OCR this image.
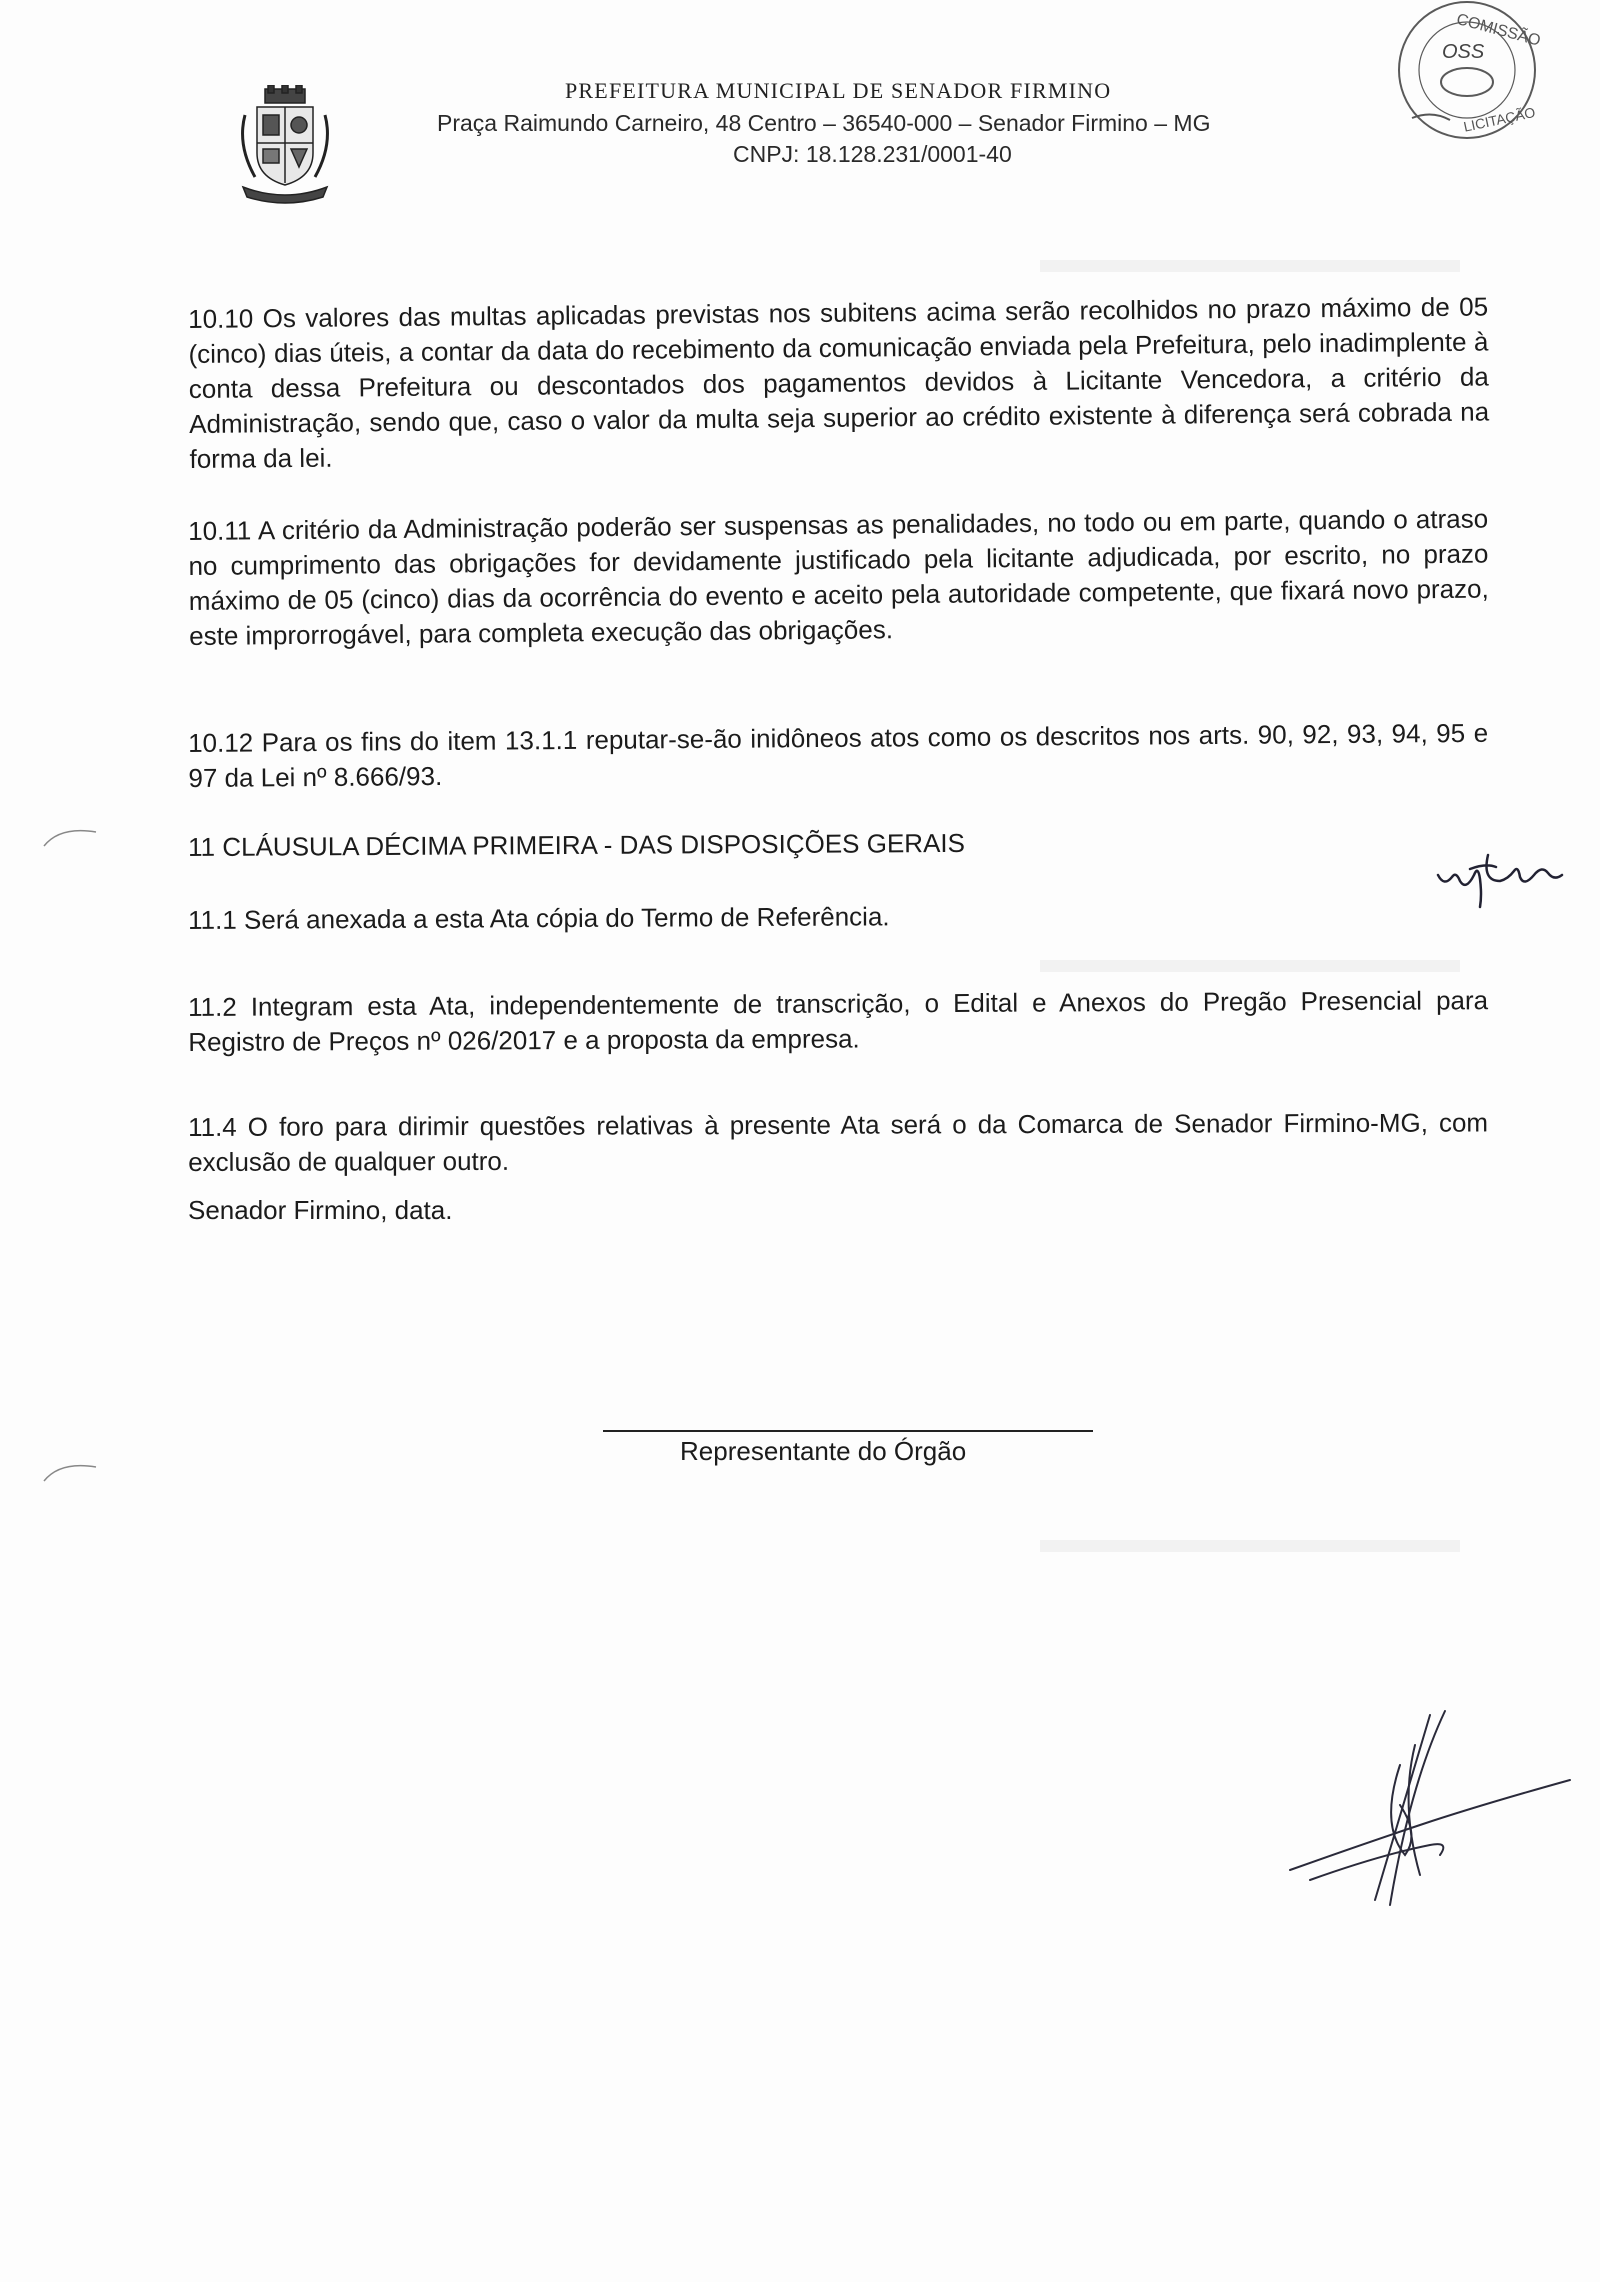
PREFEITURA MUNICIPAL DE SENADOR FIRMINO
Praça Raimundo Carneiro, 48 Centro – 36540-000 – Senador Firmino – MG
CNPJ: 18.128.231/0001-40
COMISSÃO
OSS
LICITAÇÃO
10.10 Os valores das multas aplicadas previstas nos subitens acima serão recolhidos no prazo máximo de 05 (cinco) dias úteis, a contar da data do recebimento da comunicação enviada pela Prefeitura, pelo inadimplente à conta dessa Prefeitura ou descontados dos pagamentos devidos à Licitante Vencedora, a critério da Administração, sendo que, caso o valor da multa seja superior ao crédito existente à diferença será cobrada na forma da lei.
10.11 A critério da Administração poderão ser suspensas as penalidades, no todo ou em parte, quando o atraso no cumprimento das obrigações for devidamente justificado pela licitante adjudicada, por escrito, no prazo máximo de 05 (cinco) dias da ocorrência do evento e aceito pela autoridade competente, que fixará novo prazo, este improrrogável, para completa execução das obrigações.
10.12 Para os fins do item 13.1.1 reputar-se-ão inidôneos atos como os descritos nos arts. 90, 92, 93, 94, 95 e 97 da Lei nº 8.666/93.
11 CLÁUSULA DÉCIMA PRIMEIRA - DAS DISPOSIÇÕES GERAIS
11.1 Será anexada a esta Ata cópia do Termo de Referência.
11.2 Integram esta Ata, independentemente de transcrição, o Edital e Anexos do Pregão Presencial para Registro de Preços nº 026/2017 e a proposta da empresa.
11.4 O foro para dirimir questões relativas à presente Ata será o da Comarca de Senador Firmino-MG, com exclusão de qualquer outro.
Senador Firmino, data.
Representante do Órgão
